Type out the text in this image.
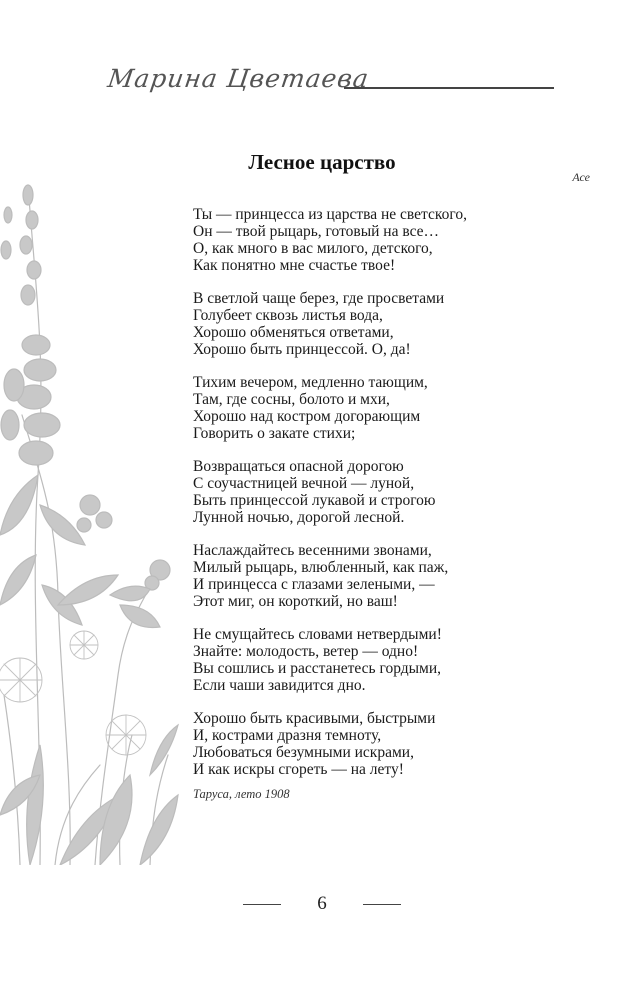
Марина Цветаева
Лесное царство
Асе
Ты — принцесса из царства не светского,
Он — твой рыцарь, готовый на все…
О, как много в вас милого, детского,
Как понятно мне счастье твое!
В светлой чаще берез, где просветами
Голубеет сквозь листья вода,
Хорошо обменяться ответами,
Хорошо быть принцессой. О, да!
Тихим вечером, медленно тающим,
Там, где сосны, болото и мхи,
Хорошо над костром догорающим
Говорить о закате стихи;
Возвращаться опасной дорогою
С соучастницей вечной — луной,
Быть принцессой лукавой и строгою
Лунной ночью, дорогой лесной.
Наслаждайтесь весенними звонами,
Милый рыцарь, влюбленный, как паж,
И принцесса с глазами зелеными, —
Этот миг, он короткий, но ваш!
Не смущайтесь словами нетвердыми!
Знайте: молодость, ветер — одно!
Вы сошлись и расстанетесь гордыми,
Если чаши завидится дно.
Хорошо быть красивыми, быстрыми
И, кострами дразня темноту,
Любоваться безумными искрами,
И как искры сгореть — на лету!
Таруса, лето 1908
6
